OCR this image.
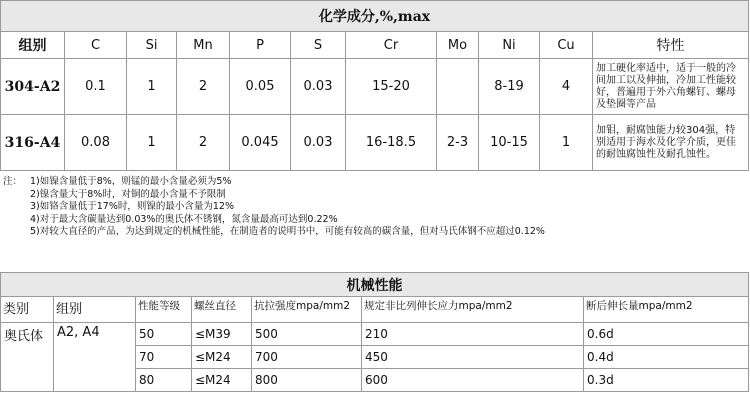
化学成分,%,max										
组别	C	Si	Mn	P	S	Cr	Mo	Ni	Cu	特性
304-A2	0.1	1	2	0.05	0.03	15-20		8-19	4	加工硬化率适中，适于一般的冷间加工以及伸抽，冷加工性能较好，普遍用于外六角螺钉、螺母及垫圈等产品
316-A4	0.08	1	2	0.045	0.03	16-18.5	2-3	10-15	1	加钼，耐腐蚀能力较304强，特别适用于海水及化学介质，更佳的耐蚀腐蚀性及耐孔蚀性。
注： 1)如镍含量低于8%，则锰的最小含量必须为5%
2)镍含量大于8%时，对铜的最小含量不予限制
3)如铬含量低于17%时，则镍的最小含量为12%
4)对于最大含碳量达到0.03%的奥氏体不锈钢，氮含量最高可达到0.22%
5)对较大直径的产品，为达到规定的机械性能，在制造者的说明书中，可能有较高的碳含量，但对马氏体钢不应超过0.12%
机械性能						
类别	组别	性能等级	螺丝直径	抗拉强度mpa/mm2	规定非比列伸长应力mpa/mm2	断后伸长量mpa/mm2
奥氏体	A2, A4	50	≤M39	500	210	0.6d
		70	≤M24	700	450	0.4d
		80	≤M24	800	600	0.3d
